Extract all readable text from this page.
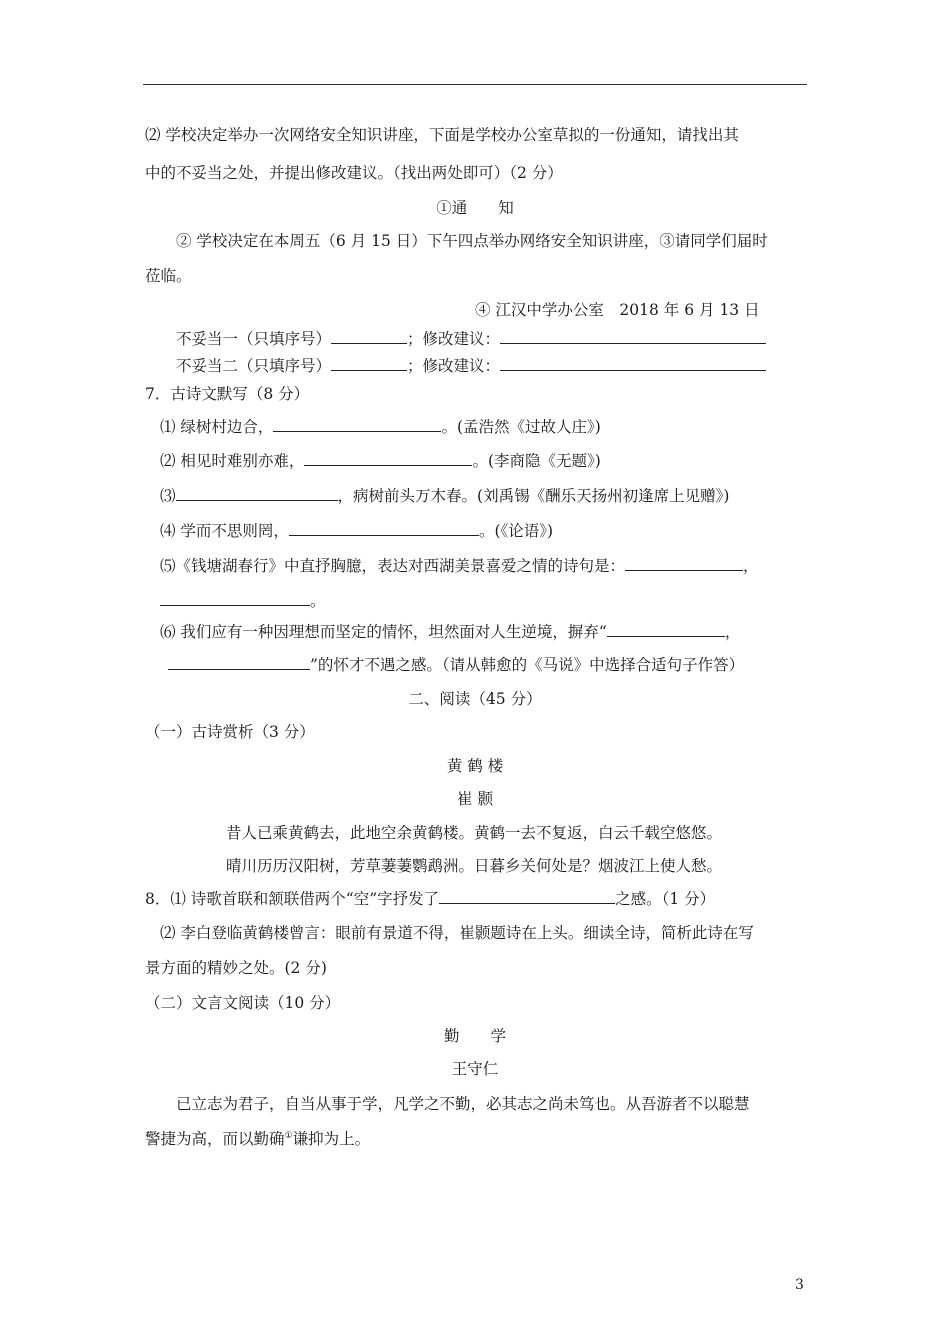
⑵ 学校决定举办一次网络安全知识讲座，下面是学校办公室草拟的一份通知，请找出其
中的不妥当之处，并提出修改建议。（找出两处即可）（2 分）
①通　　知
② 学校决定在本周五（6 月 15 日）下午四点举办网络安全知识讲座，③请同学们届时
莅临。
④ 江汉中学办公室　2018 年 6 月 13 日
不妥当一（只填序号）	；修改建议：
不妥当二（只填序号）	；修改建议：
7．古诗文默写（8 分）
⑴ 绿树村边合，	。(孟浩然《过故人庄》)
⑵ 相见时难别亦难，	。(李商隐《无题》)
⑶	，病树前头万木春。(刘禹锡《酬乐天扬州初逢席上见赠》)
⑷ 学而不思则罔，	。(《论语》)
⑸《钱塘湖春行》中直抒胸臆，表达对西湖美景喜爱之情的诗句是：	，
。
⑹ 我们应有一种因理想而坚定的情怀，坦然面对人生逆境，摒弃“	，
”的怀才不遇之感。（请从韩愈的《马说》中选择合适句子作答）
二、阅读（45 分）
（一）古诗赏析（3 分）
黄 鹤 楼
崔 颢
昔人已乘黄鹤去，此地空余黄鹤楼。黄鹤一去不复返，白云千载空悠悠。
晴川历历汉阳树，芳草萋萋鹦鹉洲。日暮乡关何处是？烟波江上使人愁。
8．⑴ 诗歌首联和颔联借两个“空”字抒发了	之感。（1 分）
⑵ 李白登临黄鹤楼曾言：眼前有景道不得，崔颢题诗在上头。细读全诗，简析此诗在写
景方面的精妙之处。(2 分)
（二）文言文阅读（10 分）
勤　　学
王守仁
已立志为君子，自当从事于学，凡学之不勤，必其志之尚未笃也。从吾游者不以聪慧
警捷为高，而以勤确①谦抑为上。
3
